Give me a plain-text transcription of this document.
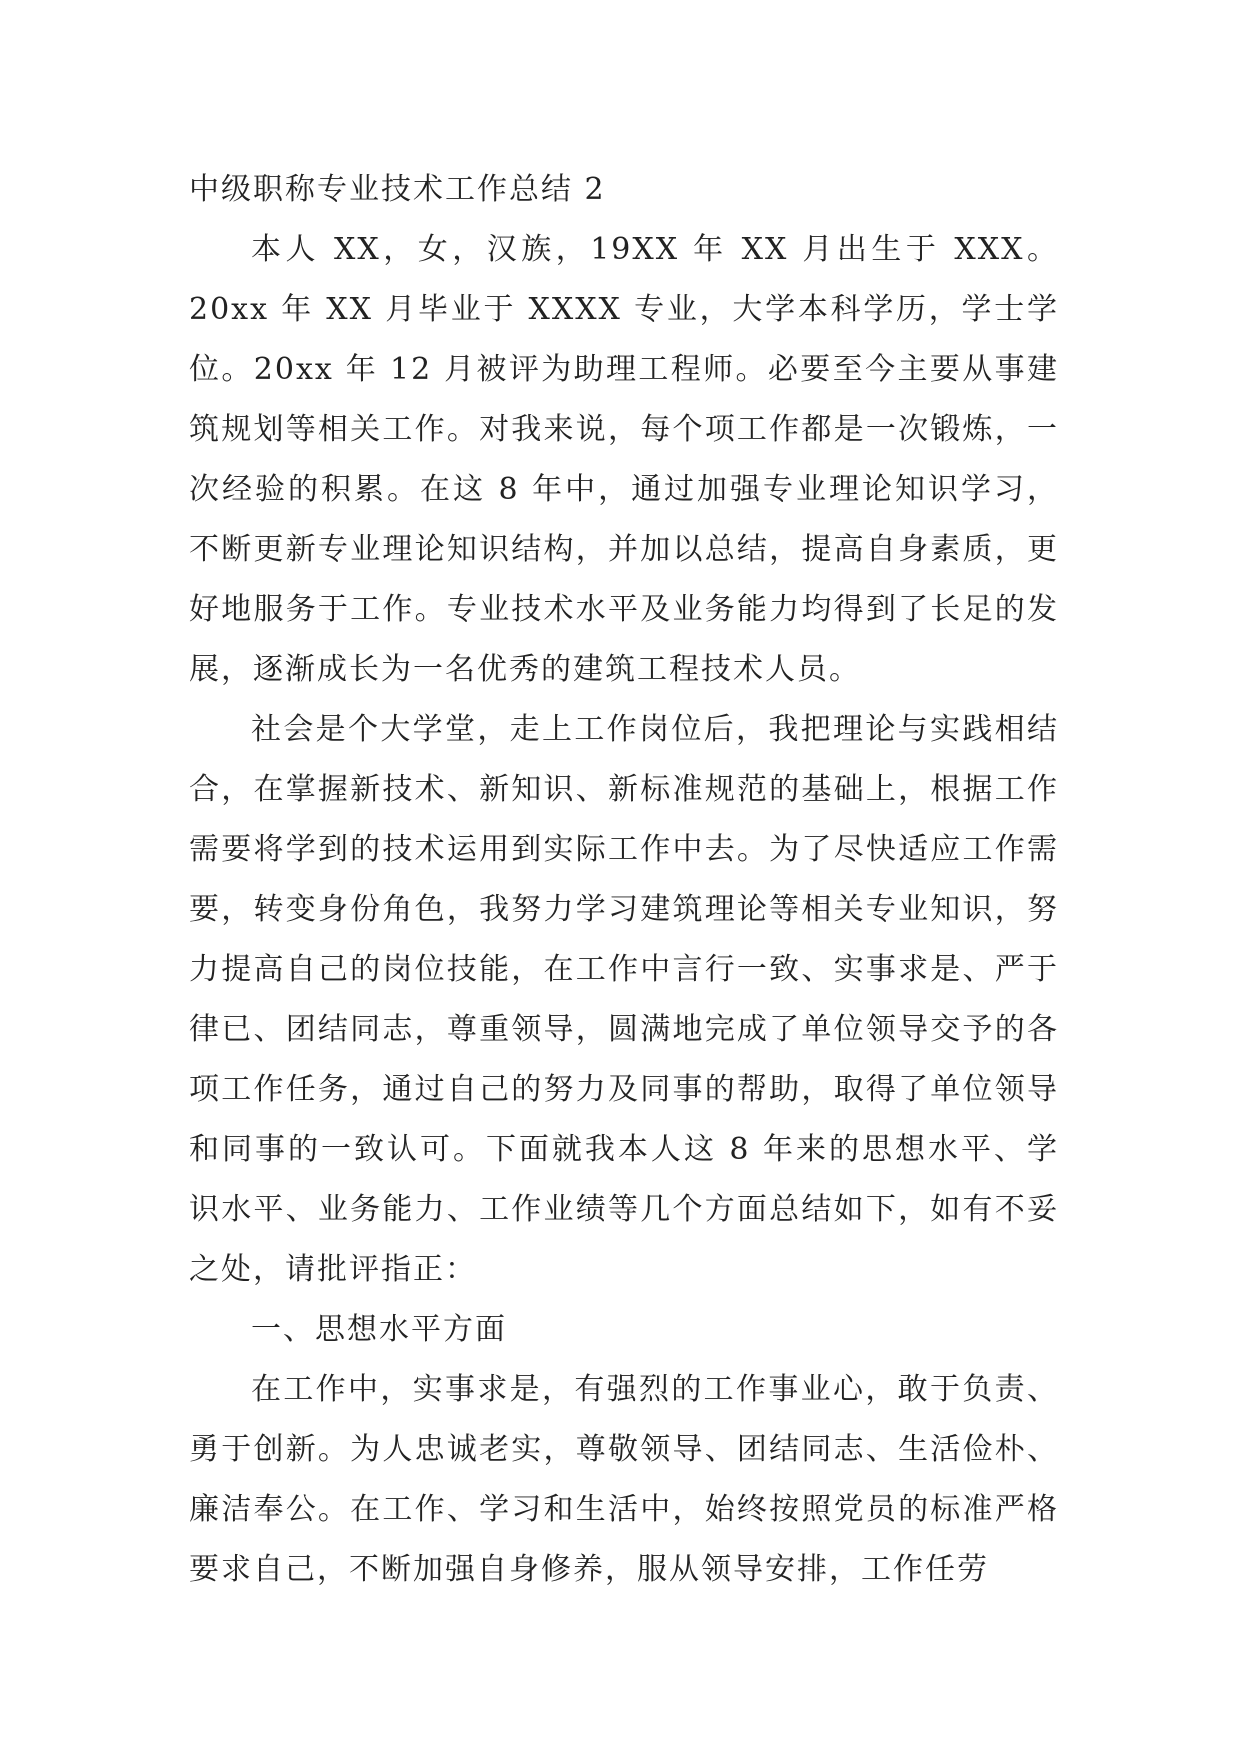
中级职称专业技术工作总结 2

本人 XX，女，汉族，19XX 年 XX 月出生于 XXX。20xx 年 XX 月毕业于 XXXX 专业，大学本科学历，学士学位。20xx 年 12 月被评为助理工程师。必要至今主要从事建筑规划等相关工作。对我来说，每个项工作都是一次锻炼，一次经验的积累。在这 8 年中，通过加强专业理论知识学习，不断更新专业理论知识结构，并加以总结，提高自身素质，更好地服务于工作。专业技术水平及业务能力均得到了长足的发展，逐渐成长为一名优秀的建筑工程技术人员。

社会是个大学堂，走上工作岗位后，我把理论与实践相结合，在掌握新技术、新知识、新标准规范的基础上，根据工作需要将学到的技术运用到实际工作中去。为了尽快适应工作需要，转变身份角色，我努力学习建筑理论等相关专业知识，努力提高自己的岗位技能，在工作中言行一致、实事求是、严于律已、团结同志，尊重领导，圆满地完成了单位领导交予的各项工作任务，通过自己的努力及同事的帮助，取得了单位领导和同事的一致认可。下面就我本人这 8 年来的思想水平、学识水平、业务能力、工作业绩等几个方面总结如下，如有不妥之处，请批评指正：

一、思想水平方面

在工作中，实事求是，有强烈的工作事业心，敢于负责、勇于创新。为人忠诚老实，尊敬领导、团结同志、生活俭朴、廉洁奉公。在工作、学习和生活中，始终按照党员的标准严格要求自己，不断加强自身修养，服从领导安排，工作任劳
